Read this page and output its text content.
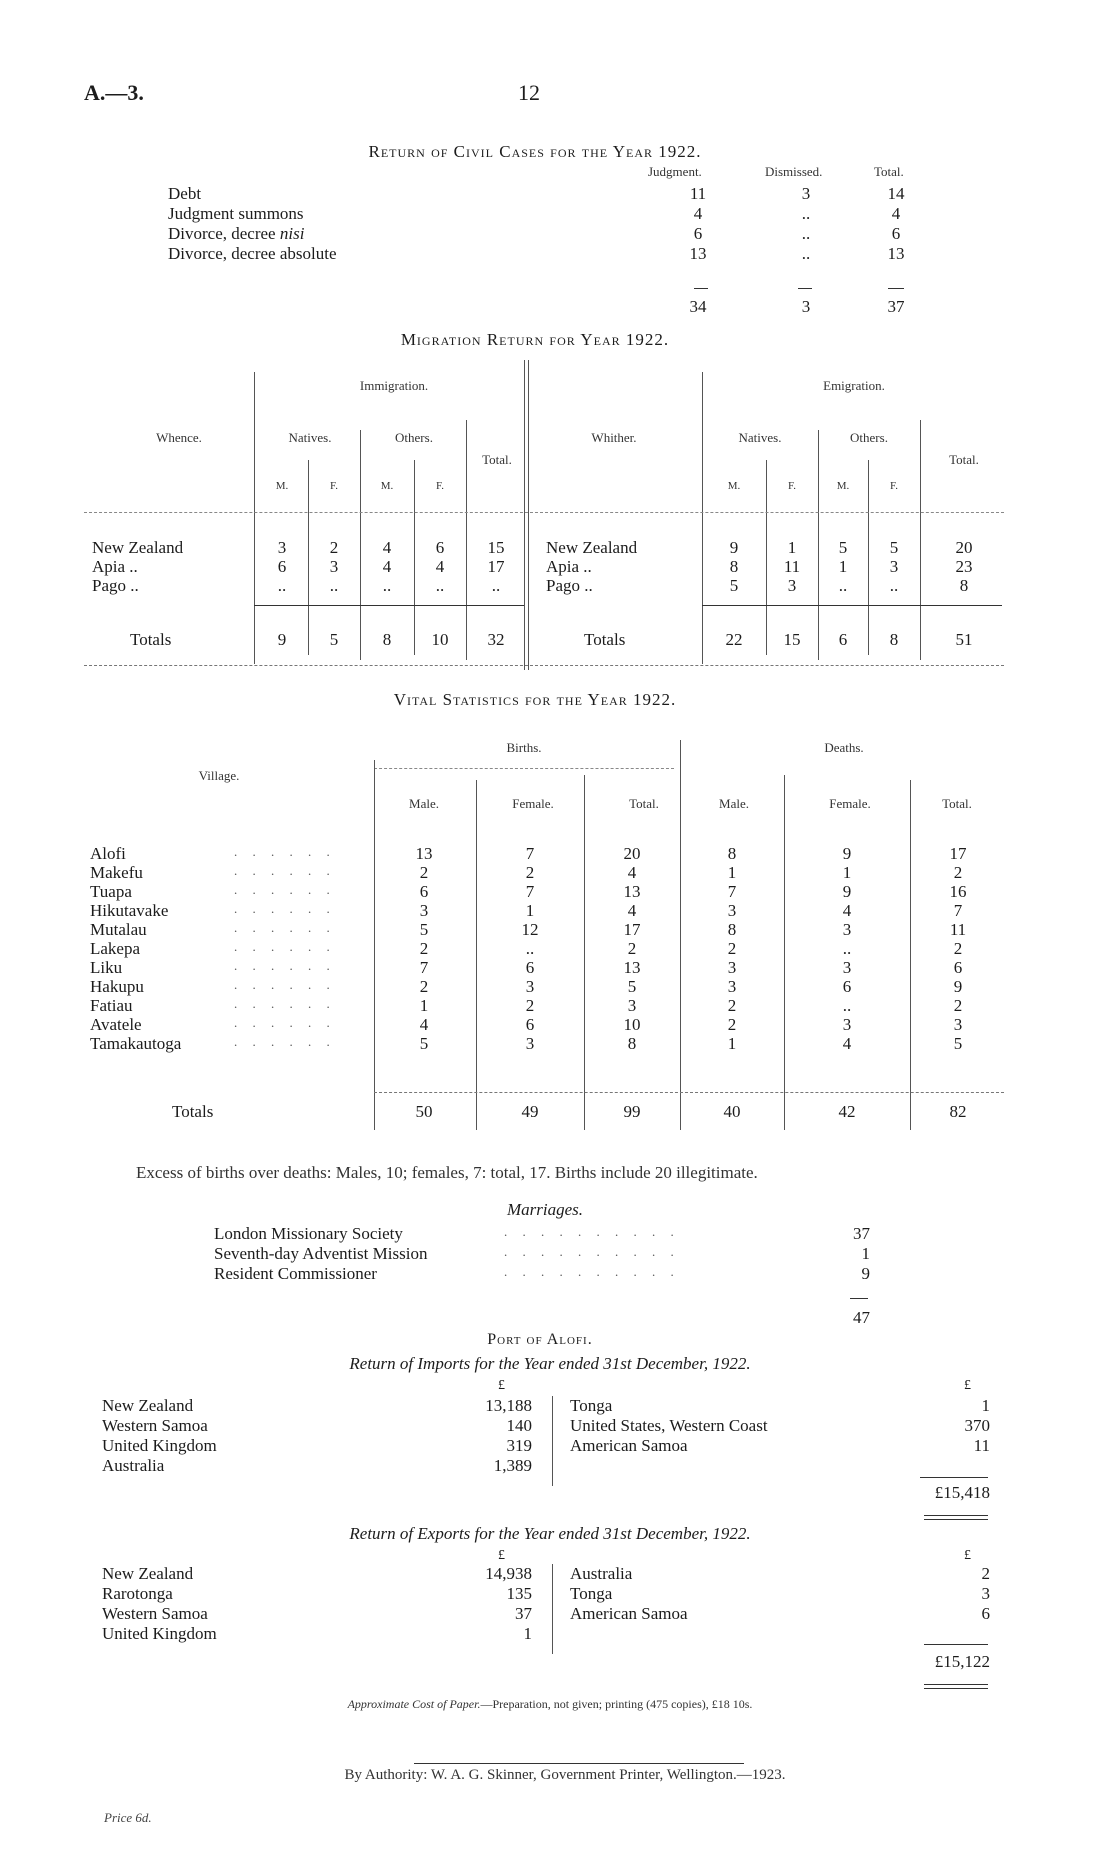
A.—3.	12
Return of Civil Cases for the Year 1922.
Judgment.	Dismissed.	Total.
Debt	11	3	14
Judgment summons	4	..	4
Divorce, decree nisi	6	..	6
Divorce, decree absolute	13	..	13
34	3	37
Migration Return for Year 1922.
Immigration.	Emigration.
Whence.	Whither.
Natives.	Others.
Total.
M.	F.	M.	F.
Natives.	Others.
Total.
M.	F.	M.	F.
New Zealand	3	2	4	6	15
Apia ..	6	3	4	4	17
Pago ..	..	..	..	..	..
Totals	9	5	8	10	32
New Zealand	9	1	5	5	20
Apia ..	8	11	1	3	23
Pago ..	5	3	..	..	8
Totals	22	15	6	8	51
Vital Statistics for the Year 1922.
Village.
Births.	Deaths.
Male.	Female.	Total.	Male.	Female.	Total.
Alofi	. . . . . .	13	7	20	8	9	17
Makefu	. . . . . .	2	2	4	1	1	2
Tuapa	. . . . . .	6	7	13	7	9	16
Hikutavake	. . . . . .	3	1	4	3	4	7
Mutalau	. . . . . .	5	12	17	8	3	11
Lakepa	. . . . . .	2	..	2	2	..	2
Liku	. . . . . .	7	6	13	3	3	6
Hakupu	. . . . . .	2	3	5	3	6	9
Fatiau	. . . . . .	1	2	3	2	..	2
Avatele	. . . . . .	4	6	10	2	3	3
Tamakautoga	. . . . . .	5	3	8	1	4	5
Totals	50	49	99	40	42	82
Excess of births over deaths: Males, 10; females, 7: total, 17. Births include 20 illegitimate.
Marriages.
London Missionary Society	. . . . . . . . . .	37
Seventh-day Adventist Mission	. . . . . . . . . .	1
Resident Commissioner	. . . . . . . . . .	9
47
Port of Alofi.
Return of Imports for the Year ended 31st December, 1922.
£	£
New Zealand	13,188
Western Samoa	140
United Kingdom	319
Australia	1,389
Tonga	1
United States, Western Coast	370
American Samoa	11
£15,418
Return of Exports for the Year ended 31st December, 1922.
£	£
New Zealand	14,938
Rarotonga	135
Western Samoa	37
United Kingdom	1
Australia	2
Tonga	3
American Samoa	6
£15,122
Approximate Cost of Paper.—Preparation, not given; printing (475 copies), £18 10s.
By Authority: W. A. G. Skinner, Government Printer, Wellington.—1923.
Price 6d.
